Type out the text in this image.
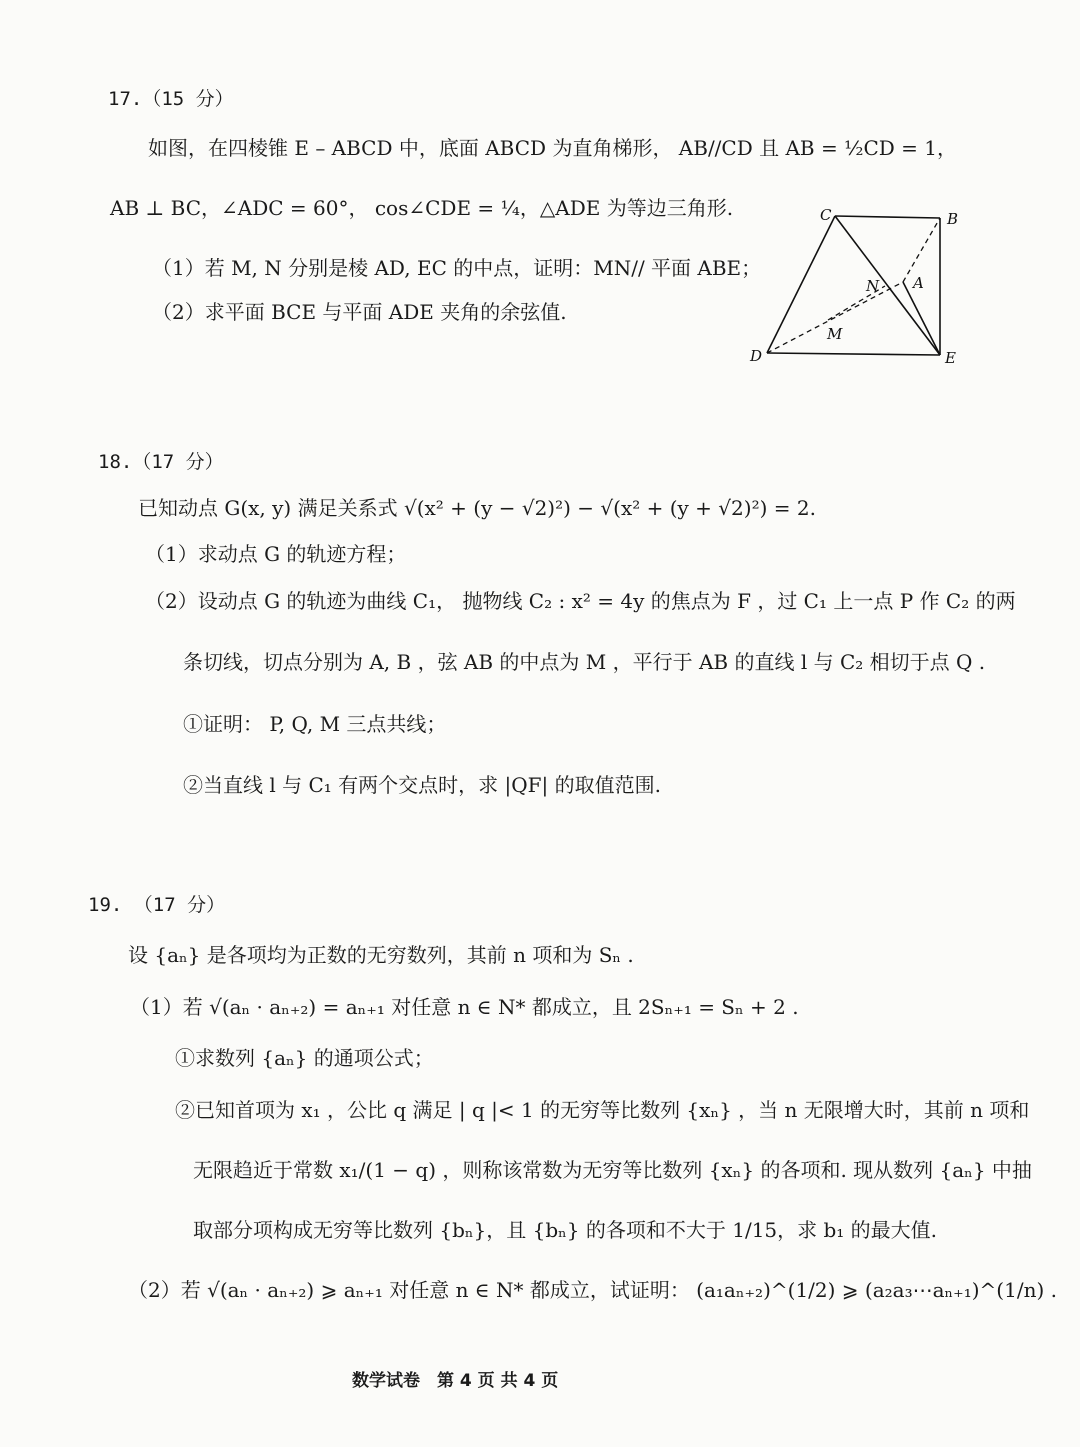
17.（15 分）
如图，在四棱锥 E – ABCD 中，底面 ABCD 为直角梯形， AB//CD 且 AB = ½CD = 1，
AB ⊥ BC，∠ADC = 60°， cos∠CDE = ¼，△ADE 为等边三角形.
（1）若 M, N 分别是棱 AD, EC 的中点，证明：MN// 平面 ABE；
（2）求平面 BCE 与平面 ADE 夹角的余弦值.
C	B
N A
M
D	E
18.（17 分）
已知动点 G(x, y) 满足关系式 √(x² + (y − √2)²) − √(x² + (y + √2)²) = 2.
（1）求动点 G 的轨迹方程；
（2）设动点 G 的轨迹为曲线 C₁， 抛物线 C₂ : x² = 4y 的焦点为 F ，过 C₁ 上一点 P 作 C₂ 的两
条切线，切点分别为 A, B ，弦 AB 的中点为 M ，平行于 AB 的直线 l 与 C₂ 相切于点 Q .
①证明： P, Q, M 三点共线；
②当直线 l 与 C₁ 有两个交点时，求 |QF| 的取值范围.
19. （17 分）
设 {aₙ} 是各项均为正数的无穷数列，其前 n 项和为 Sₙ .
（1）若 √(aₙ · aₙ₊₂) = aₙ₊₁ 对任意 n ∈ N* 都成立，且 2Sₙ₊₁ = Sₙ + 2 .
①求数列 {aₙ} 的通项公式；
②已知首项为 x₁ ，公比 q 满足 | q |< 1 的无穷等比数列 {xₙ} ，当 n 无限增大时，其前 n 项和
无限趋近于常数 x₁/(1 − q) ，则称该常数为无穷等比数列 {xₙ} 的各项和. 现从数列 {aₙ} 中抽
取部分项构成无穷等比数列 {bₙ}，且 {bₙ} 的各项和不大于 1/15，求 b₁ 的最大值.
（2）若 √(aₙ · aₙ₊₂) ⩾ aₙ₊₁ 对任意 n ∈ N* 都成立，试证明： (a₁aₙ₊₂)^(1/2) ⩾ (a₂a₃⋯aₙ₊₁)^(1/n) .
数学试卷　第 4 页 共 4 页
